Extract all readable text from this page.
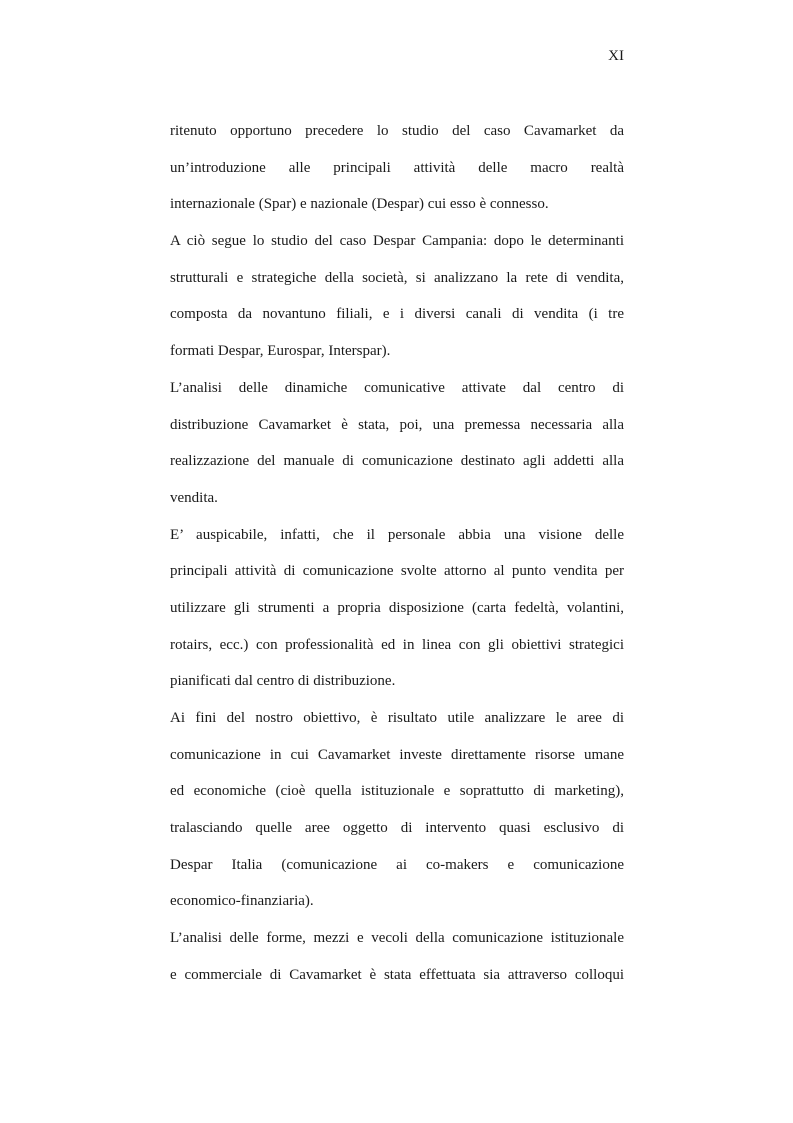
XI
ritenuto opportuno precedere lo studio del caso Cavamarket da
un’introduzione alle principali attività delle macro realtà
internazionale (Spar) e nazionale (Despar) cui esso è connesso.
A ciò segue lo studio del caso Despar Campania: dopo le determinanti
strutturali e strategiche della società, si analizzano la rete di vendita,
composta da novantuno filiali, e i diversi canali di vendita (i tre
formati Despar, Eurospar, Interspar).
L’analisi delle dinamiche comunicative attivate dal centro di
distribuzione Cavamarket è stata, poi, una premessa necessaria alla
realizzazione del manuale di comunicazione destinato agli addetti alla
vendita.
E’ auspicabile, infatti, che il personale abbia una visione delle
principali attività di comunicazione svolte attorno al punto vendita per
utilizzare gli strumenti a propria disposizione (carta fedeltà, volantini,
rotairs, ecc.) con professionalità ed in linea con gli obiettivi strategici
pianificati dal centro di distribuzione.
Ai fini del nostro obiettivo, è risultato utile analizzare le aree di
comunicazione in cui Cavamarket investe direttamente risorse umane
ed economiche (cioè quella istituzionale e soprattutto di marketing),
tralasciando quelle aree oggetto di intervento quasi esclusivo di
Despar Italia (comunicazione ai co-makers e comunicazione
economico-finanziaria).
L’analisi delle forme, mezzi e vecoli della comunicazione istituzionale
e commerciale di Cavamarket è stata effettuata sia attraverso colloqui
